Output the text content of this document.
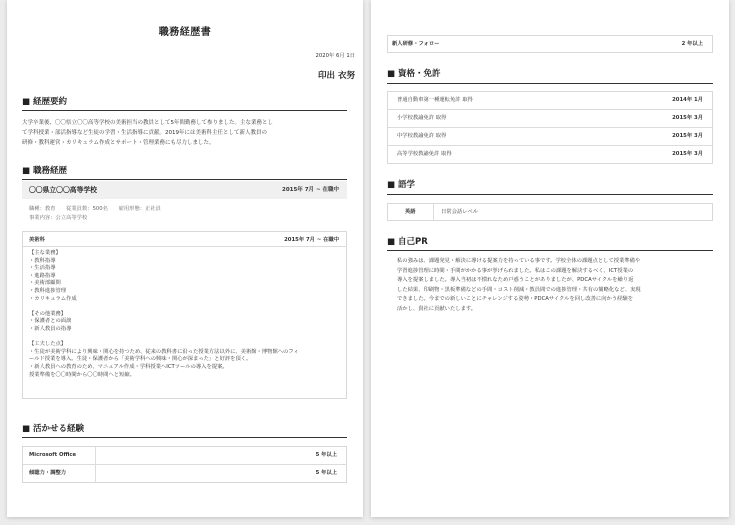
職務経歴書
2020年 6月 1日
印出 衣努
■ 経歴要約
大学卒業後、〇〇県立〇〇高等学校の美術担当の教員として5年間勤務して参りました。主な業務とし
て学科授業・部活指導など生徒の学習・生活指導に貢献。2019年には美術科主任として新人教員の
研修・教科運営・カリキュラム作成とサポート・管理業務にも尽力しました。
■ 職務経歴
〇〇県立〇〇高等学校	2015年 7月 ~ 在職中
職種：教育　　従業員数：500名　　雇用形態：正社員
事業内容：公立高等学校
美術科	2015年 7月 ~ 在職中
【主な業務】
・教科指導
・生活指導
・進路指導
・美術部顧問
・教科進捗管理
・カリキュラム作成
【その他業務】
・保護者との面談
・新人教員の指導
【工夫した点】
・生徒が美術学科により興味・関心を持つため、従来の教科書に沿った授業方法以外に、美術館・博物館へのフィ
ールド授業を導入。生徒・保護者から「美術学科への興味・関心が深まった」と好評を頂く。
・新人教員への教育のため、マニュアル作成・学科授業へICTツールの導入を提案。
授業準備を〇〇時間から〇〇時間へと短縮。
■ 活かせる経験
Microsoft Office	5 年以上
傾聴力・調整力	5 年以上
新人研修・フォロー	2 年以上
■ 資格・免許
普通自動車第一種運転免許 取得	2014年 1月
小学校教諭免許 取得	2015年 3月
中学校教諭免許 取得	2015年 3月
高等学校教諭免許 取得	2015年 3月
■ 語学
英語	日常会話レベル
■ 自己PR
私の強みは、課題発見・解決に導ける提案力を持っている事です。学校全体の課題点として授業準備や
学習進捗管理に時間・手間がかかる事が挙げられました。私はこの課題を解決するべく、ICT授業の
導入を提案しました。導入当初は不慣れなため戸惑うことがありましたが、PDCAサイクルを繰り返
した結果、印刷物・黒板準備などの手間・コスト削減・教員間での進捗管理・共有の簡略化など、実現
できました。今までの新しいことにチャレンジする姿勢・PDCAサイクルを回し改善に向かう経験を
活かし、貴社に貢献いたします。
